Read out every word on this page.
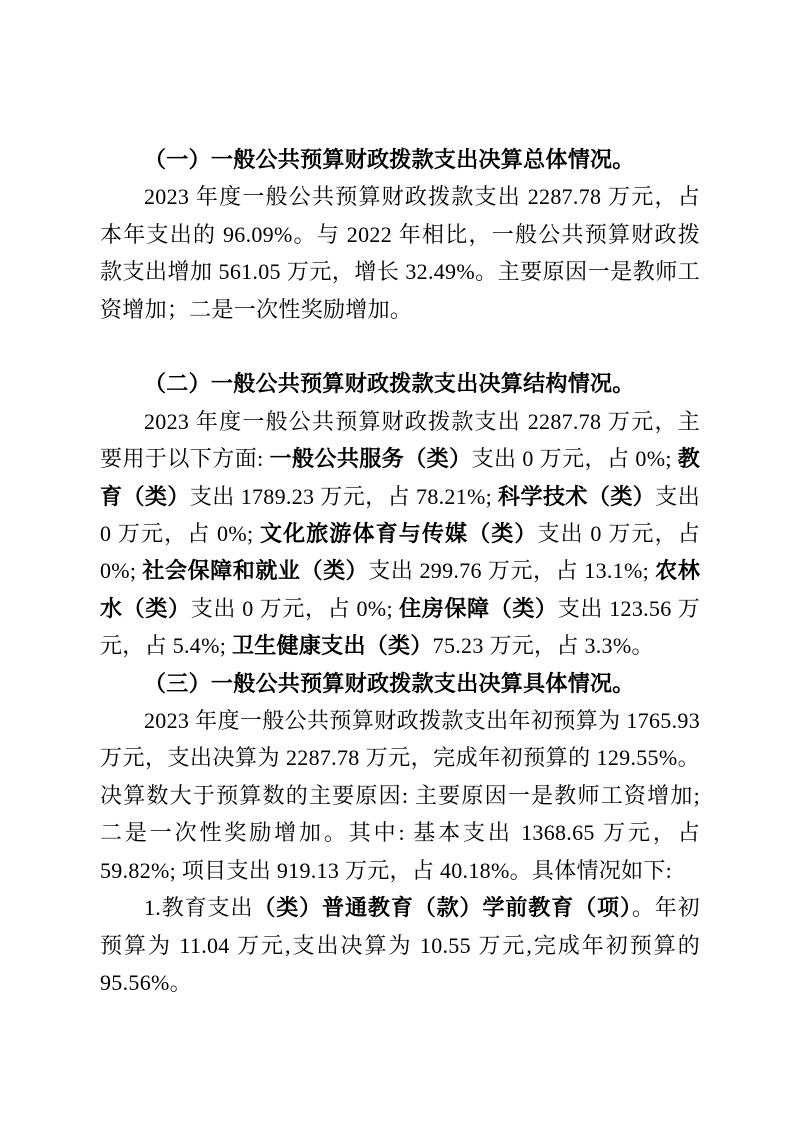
（一）一般公共预算财政拨款支出决算总体情况。

2023 年度一般公共预算财政拨款支出 2287.78 万元，占本年支出的 96.09%。与 2022 年相比，一般公共预算财政拨款支出增加 561.05 万元，增长 32.49%。主要原因一是教师工资增加；二是一次性奖励增加。

（二）一般公共预算财政拨款支出决算结构情况。

2023 年度一般公共预算财政拨款支出 2287.78 万元，主要用于以下方面: 一般公共服务（类）支出 0 万元，占 0%; 教育（类）支出 1789.23 万元，占 78.21%; 科学技术（类）支出 0 万元，占 0%; 文化旅游体育与传媒（类）支出 0 万元，占 0%; 社会保障和就业（类）支出 299.76 万元，占 13.1%; 农林水（类）支出 0 万元，占 0%; 住房保障（类）支出 123.56 万元，占 5.4%; 卫生健康支出（类）75.23 万元，占 3.3%。

（三）一般公共预算财政拨款支出决算具体情况。

2023 年度一般公共预算财政拨款支出年初预算为 1765.93 万元，支出决算为 2287.78 万元，完成年初预算的 129.55%。决算数大于预算数的主要原因: 主要原因一是教师工资增加; 二是一次性奖励增加。其中: 基本支出 1368.65 万元，占 59.82%; 项目支出 919.13 万元，占 40.18%。具体情况如下:

1.教育支出（类）普通教育（款）学前教育（项）。年初预算为 11.04 万元,支出决算为 10.55 万元,完成年初预算的 95.56%。
